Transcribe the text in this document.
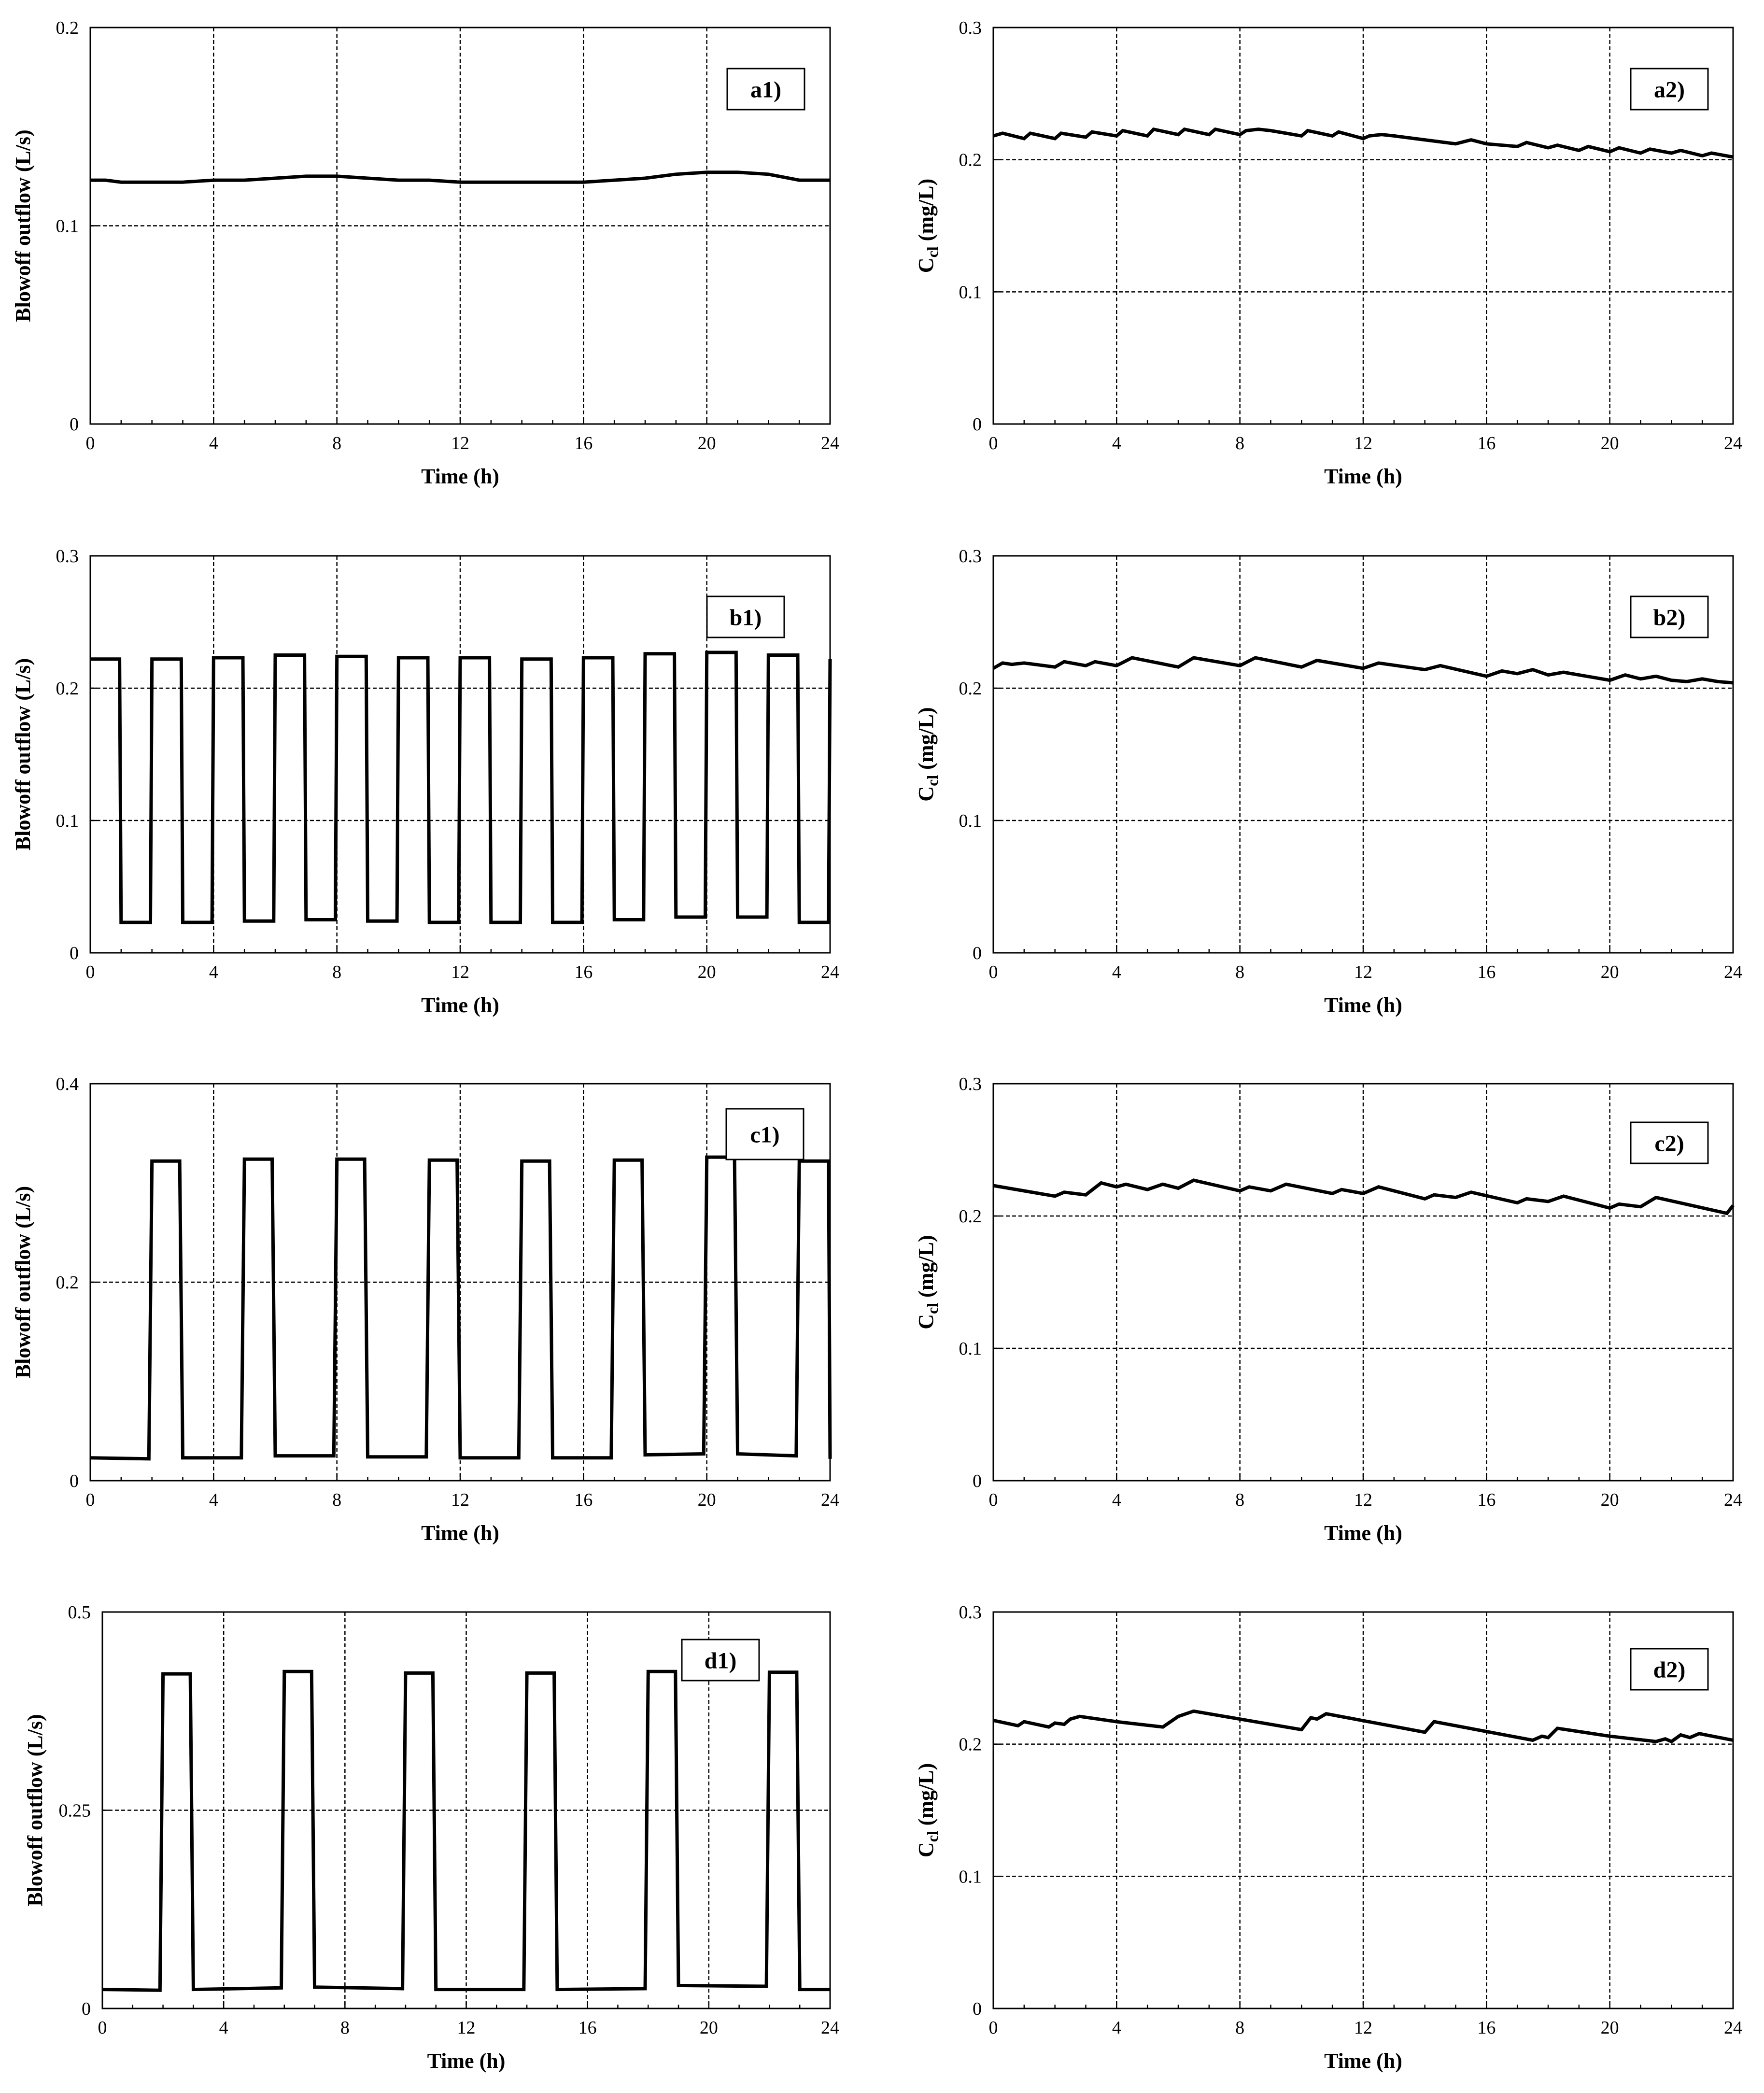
0	4	8	12	16	20	24
0
0.1
0.2
Time (h)
Blowoff outflow (L/s)
a1)
0	4	8	12	16	20	24
0
0.1
0.2
0.3
Time (h)
$C_{cl}$ (mg/L)
a2)
0	4	8	12	16	20	24
0
0.1
0.2
0.3
Time (h)
Blowoff outflow (L/s)
b1)
0	4	8	12	16	20	24
0
0.1
0.2
0.3
Time (h)
$C_{cl}$ (mg/L)
b2)
0	4	8	12	16	20	24
0
0.2
0.4
Time (h)
Blowoff outflow (L/s)
c1)
0	4	8	12	16	20	24
0
0.1
0.2
0.3
Time (h)
$C_{cl}$ (mg/L)
c2)
0	4	8	12	16	20	24
0
0.25
0.5
Time (h)
Blowoff outflow (L/s)
d1)
0	4	8	12	16	20	24
0
0.1
0.2
0.3
Time (h)
$C_{cl}$ (mg/L)
d2)
